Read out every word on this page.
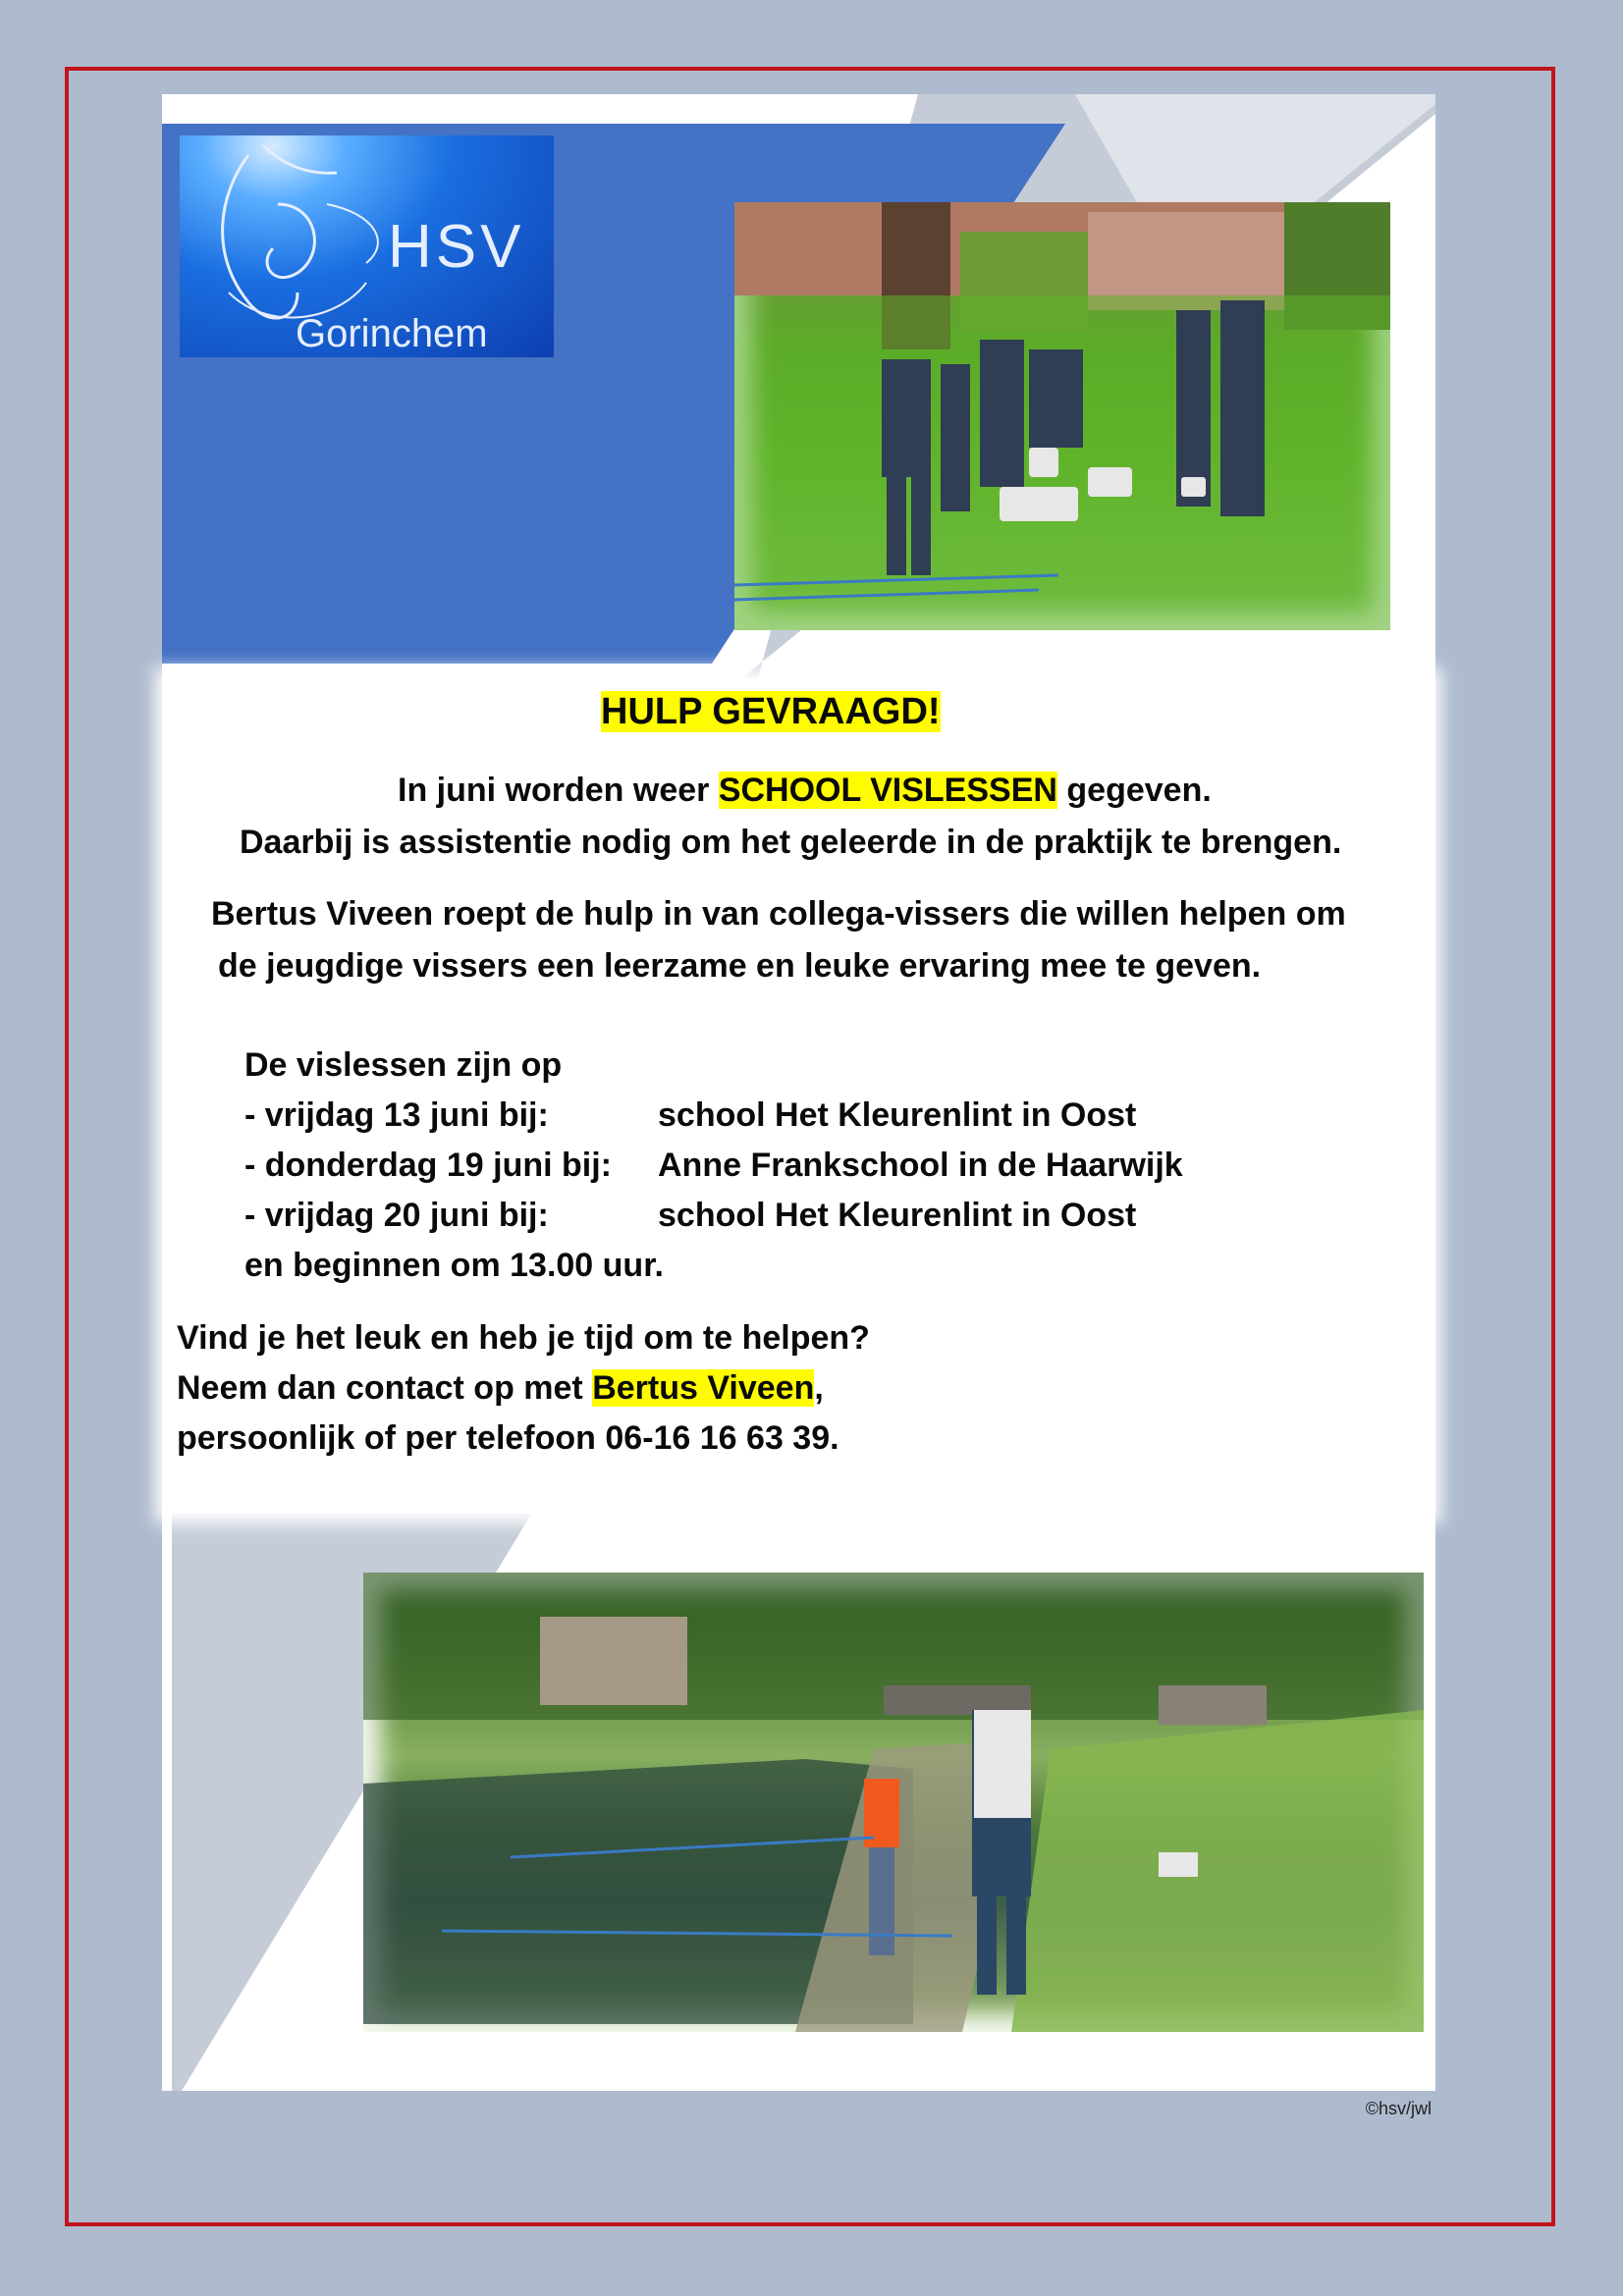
HSV
Gorinchem
HULP GEVRAAGD!
In juni worden weer SCHOOL VISLESSEN gegeven.
Daarbij is assistentie nodig om het geleerde in de praktijk te brengen.
Bertus Viveen roept de hulp in van collega-vissers die willen helpen om
de jeugdige vissers een leerzame en leuke ervaring mee te geven.
De vislessen zijn op
- vrijdag 13 juni bij:	school Het Kleurenlint in Oost
- donderdag 19 juni bij: Anne Frankschool in de Haarwijk
- vrijdag 20 juni bij:	school Het Kleurenlint in Oost
en beginnen om 13.00 uur.
Vind je het leuk en heb je tijd om te helpen?
Neem dan contact op met Bertus Viveen,
persoonlijk of per telefoon 06-16 16 63 39.
©hsv/jwl
